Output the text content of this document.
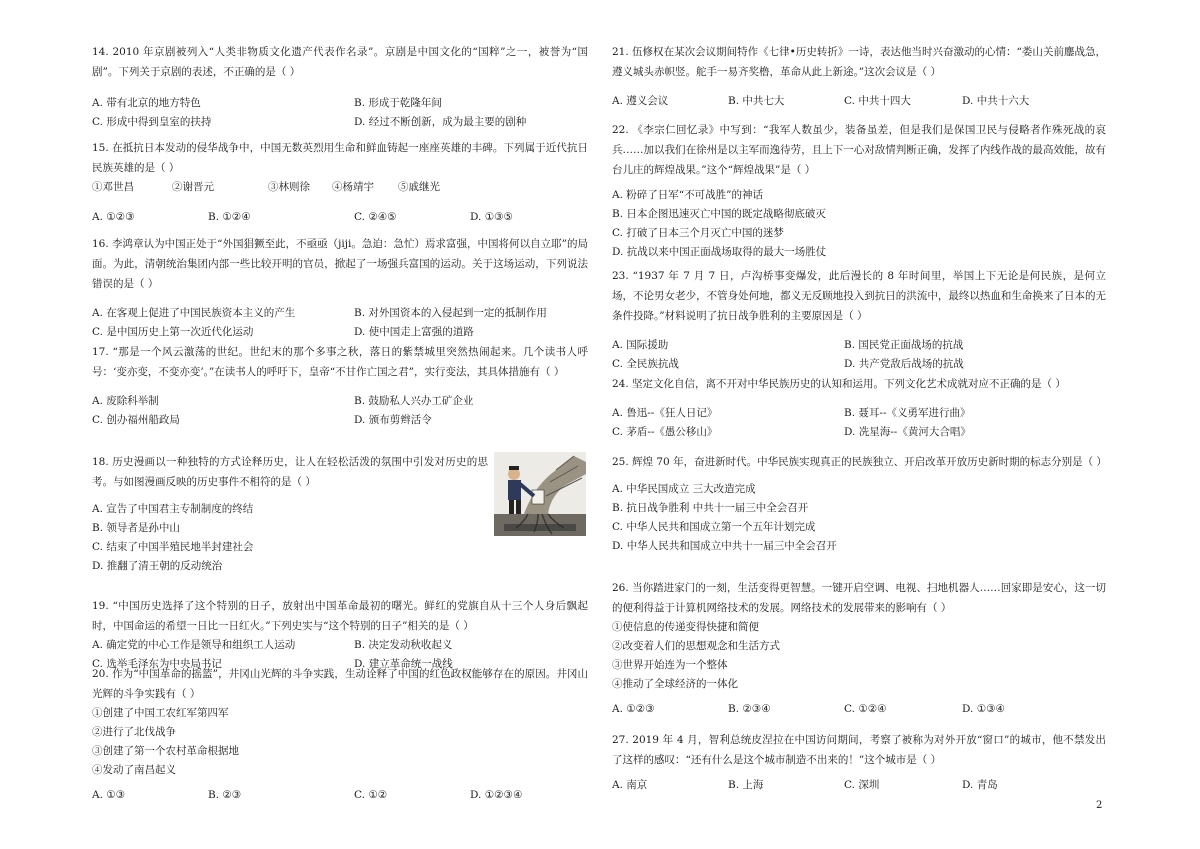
14. 2010 年京剧被列入“人类非物质文化遗产代表作名录”。京剧是中国文化的“国粹”之一，被誉为“国剧”。下列关于京剧的表述，不正确的是（ ）

A. 带有北京的地方特色	B. 形成于乾隆年间
C. 形成中得到皇室的扶持	D. 经过不断创新，成为最主要的剧种

15. 在抵抗日本发动的侵华战争中，中国无数英烈用生命和鲜血铸起一座座英雄的丰碑。下列属于近代抗日民族英雄的是（ ）

①邓世昌	②谢晋元	③林则徐 ④杨靖宇 ⑤戚继光
A. ①②③	B. ①②④	C. ②④⑤	D. ①③⑤

16. 李鸿章认为中国正处于“外国猖獗至此，不亟亟（jiji。急迫：急忙）焉求富强，中国将何以自立耶”的局面。为此，清朝统治集团内部一些比较开明的官员，掀起了一场强兵富国的运动。关于这场运动，下列说法错误的是（ ）

A. 在客观上促进了中国民族资本主义的产生	B. 对外国资本的入侵起到一定的抵制作用
C. 是中国历史上第一次近代化运动	D. 使中国走上富强的道路

17. “那是一个风云激荡的世纪。世纪末的那个多事之秋，落日的紫禁城里突然热闹起来。几个读书人呼号：‘变亦变，不变亦变’。”在读书人的呼吁下，皇帝“不甘作亡国之君”，实行变法，其具体措施有（ ）

A. 废除科举制	B. 鼓励私人兴办工矿企业
C. 创办福州船政局	D. 颁布剪辫活令

18. 历史漫画以一种独特的方式诠释历史，让人在轻松活泼的氛围中引发对历史的思考。与如图漫画反映的历史事件不相符的是（ ）

A. 宣告了中国君主专制制度的终结
B. 领导者是孙中山
C. 结束了中国半殖民地半封建社会
D. 推翻了清王朝的反动统治

19. “中国历史选择了这个特别的日子，放射出中国革命最初的曙光。鲜红的党旗自从十三个人身后飘起时，中国命运的希望一日比一日红火。”下列史实与“这个特别的日子”相关的是（ ）

A. 确定党的中心工作是领导和组织工人运动	B. 决定发动秋收起义
C. 选举毛泽东为中央局书记	D. 建立革命统一战线

20. 作为“中国革命的摇篮”，井冈山光辉的斗争实践，生动诠释了中国的红色政权能够存在的原因。井冈山光辉的斗争实践有（ ）

①创建了中国工农红军第四军
②进行了北伐战争
③创建了第一个农村革命根据地
④发动了南昌起义
A. ①③	B. ②③	C. ①②	D. ①②③④

21. 伍修权在某次会议期间特作《七律•历史转折》一诗，表达他当时兴奋激动的心情：“娄山关前鏖战急，遵义城头赤帜竖。舵手一易齐奖橹，革命从此上新途。”这次会议是（ ）

A. 遵义会议	B. 中共七大	C. 中共十四大	D. 中共十六大

22. 《李宗仁回忆录》中写到：“我军人数虽少，装备虽差，但是我们是保国卫民与侵略者作殊死战的哀兵……加以我们在徐州是以主军而逸待劳，且上下一心对敌情判断正确，发挥了内线作战的最高效能，故有台儿庄的辉煌战果。”这个“辉煌战果”是（ ）

A. 粉碎了日军“不可战胜”的神话
B. 日本企图迅速灭亡中国的既定战略彻底破灭
C. 打破了日本三个月灭亡中国的迷梦
D. 抗战以来中国正面战场取得的最大一场胜仗

23. “1937 年 7 月 7 日，卢沟桥事变爆发，此后漫长的 8 年时间里，举国上下无论是何民族，是何立场，不论男女老少，不管身处何地，都义无反顾地投入到抗日的洪流中，最终以热血和生命换来了日本的无条件投降。”材料说明了抗日战争胜利的主要原因是（ ）

A. 国际援助	B. 国民党正面战场的抗战
C. 全民族抗战	D. 共产党敌后战场的抗战

24. 坚定文化自信，离不开对中华民族历史的认知和运用。下列文化艺术成就对应不正确的是（ ）

A. 鲁迅--《狂人日记》	B. 聂耳--《义勇军进行曲》
C. 茅盾--《愚公移山》	D. 冼星海--《黄河大合唱》

25. 辉煌 70 年，奋进新时代。中华民族实现真正的民族独立、开启改革开放历史新时期的标志分别是（ ）

A. 中华民国成立 三大改造完成
B. 抗日战争胜利 中共十一届三中全会召开
C. 中华人民共和国成立第一个五年计划完成
D. 中华人民共和国成立中共十一届三中全会召开

26. 当你踏进家门的一刻，生活变得更智慧。一键开启空调、电视、扫地机器人……回家即是安心，这一切的便利得益于计算机网络技术的发展。网络技术的发展带来的影响有（ ）

①使信息的传递变得快捷和简便
②改变着人们的思想观念和生活方式
③世界开始连为一个整体
④推动了全球经济的一体化
A. ①②③	B. ②③④	C. ①②④	D. ①③④

27. 2019 年 4 月，智利总统皮涅拉在中国访问期间，考察了被称为对外开放“窗口”的城市，他不禁发出了这样的感叹：“还有什么是这个城市制造不出来的！”这个城市是（ ）

A. 南京	B. 上海	C. 深圳	D. 青岛
2
